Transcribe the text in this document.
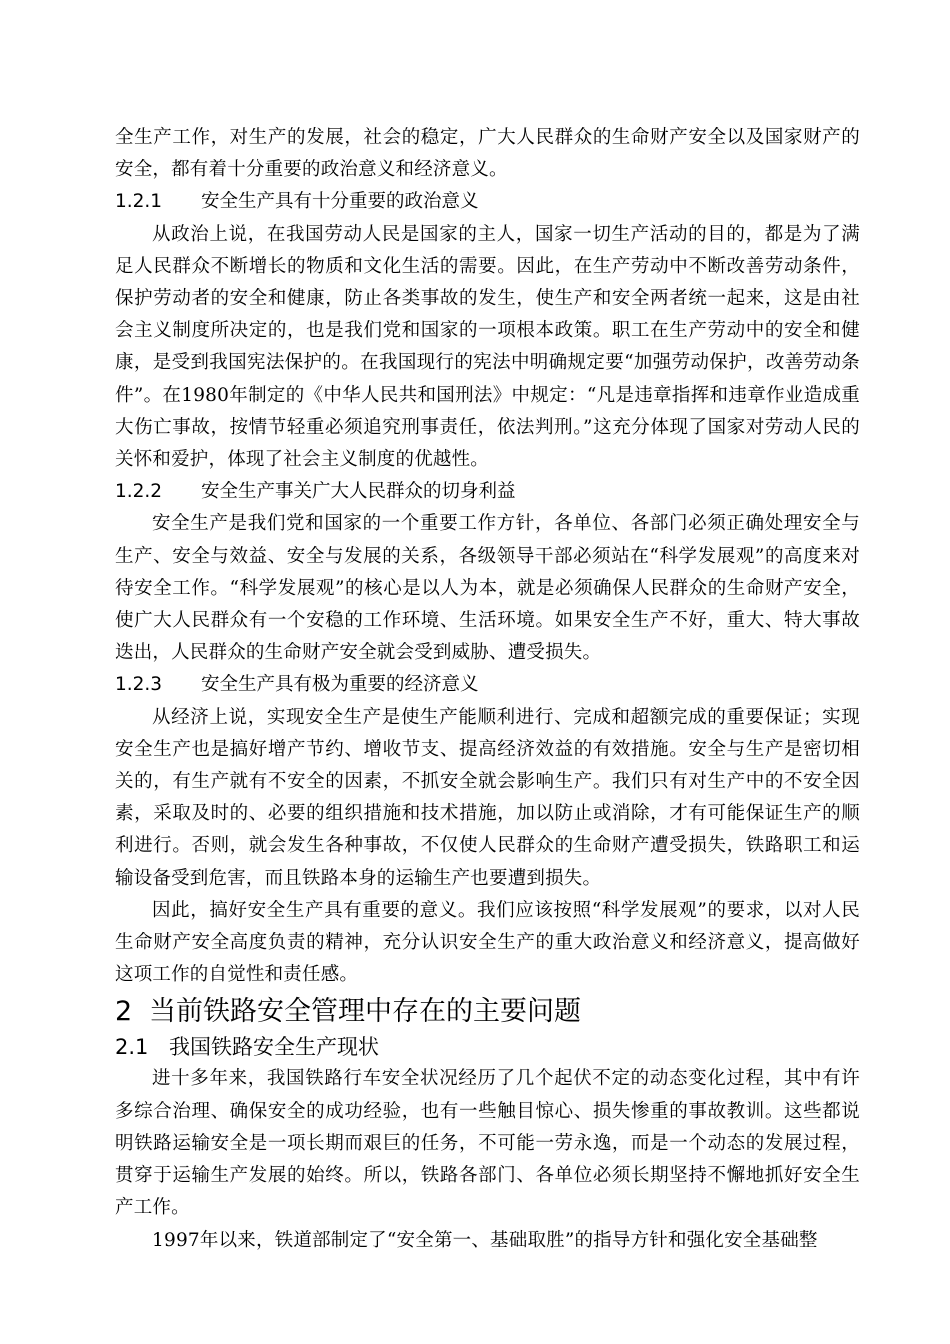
全生产工作，对生产的发展，社会的稳定，广大人民群众的生命财产安全以及国家财产的安全，都有着十分重要的政治意义和经济意义。

1.2.1 安全生产具有十分重要的政治意义

从政治上说，在我国劳动人民是国家的主人，国家一切生产活动的目的，都是为了满足人民群众不断增长的物质和文化生活的需要。因此，在生产劳动中不断改善劳动条件，保护劳动者的安全和健康，防止各类事故的发生，使生产和安全两者统一起来，这是由社会主义制度所决定的，也是我们党和国家的一项根本政策。职工在生产劳动中的安全和健康，是受到我国宪法保护的。在我国现行的宪法中明确规定要“加强劳动保护，改善劳动条件”。在1980年制定的《中华人民共和国刑法》中规定：“凡是违章指挥和违章作业造成重大伤亡事故，按情节轻重必须追究刑事责任，依法判刑。”这充分体现了国家对劳动人民的关怀和爱护，体现了社会主义制度的优越性。

1.2.2 安全生产事关广大人民群众的切身利益

安全生产是我们党和国家的一个重要工作方针，各单位、各部门必须正确处理安全与生产、安全与效益、安全与发展的关系，各级领导干部必须站在“科学发展观”的高度来对待安全工作。“科学发展观”的核心是以人为本，就是必须确保人民群众的生命财产安全，使广大人民群众有一个安稳的工作环境、生活环境。如果安全生产不好，重大、特大事故迭出，人民群众的生命财产安全就会受到威胁、遭受损失。

1.2.3 安全生产具有极为重要的经济意义

从经济上说，实现安全生产是使生产能顺利进行、完成和超额完成的重要保证；实现安全生产也是搞好增产节约、增收节支、提高经济效益的有效措施。安全与生产是密切相关的，有生产就有不安全的因素，不抓安全就会影响生产。我们只有对生产中的不安全因素，采取及时的、必要的组织措施和技术措施，加以防止或消除，才有可能保证生产的顺利进行。否则，就会发生各种事故，不仅使人民群众的生命财产遭受损失，铁路职工和运输设备受到危害，而且铁路本身的运输生产也要遭到损失。

因此，搞好安全生产具有重要的意义。我们应该按照“科学发展观”的要求，以对人民生命财产安全高度负责的精神，充分认识安全生产的重大政治意义和经济意义，提高做好这项工作的自觉性和责任感。

2 当前铁路安全管理中存在的主要问题
2.1 我国铁路安全生产现状

进十多年来，我国铁路行车安全状况经历了几个起伏不定的动态变化过程，其中有许多综合治理、确保安全的成功经验，也有一些触目惊心、损失惨重的事故教训。这些都说明铁路运输安全是一项长期而艰巨的任务，不可能一劳永逸，而是一个动态的发展过程，贯穿于运输生产发展的始终。所以，铁路各部门、各单位必须长期坚持不懈地抓好安全生产工作。

1997年以来，铁道部制定了“安全第一、基础取胜”的指导方针和强化安全基础整
